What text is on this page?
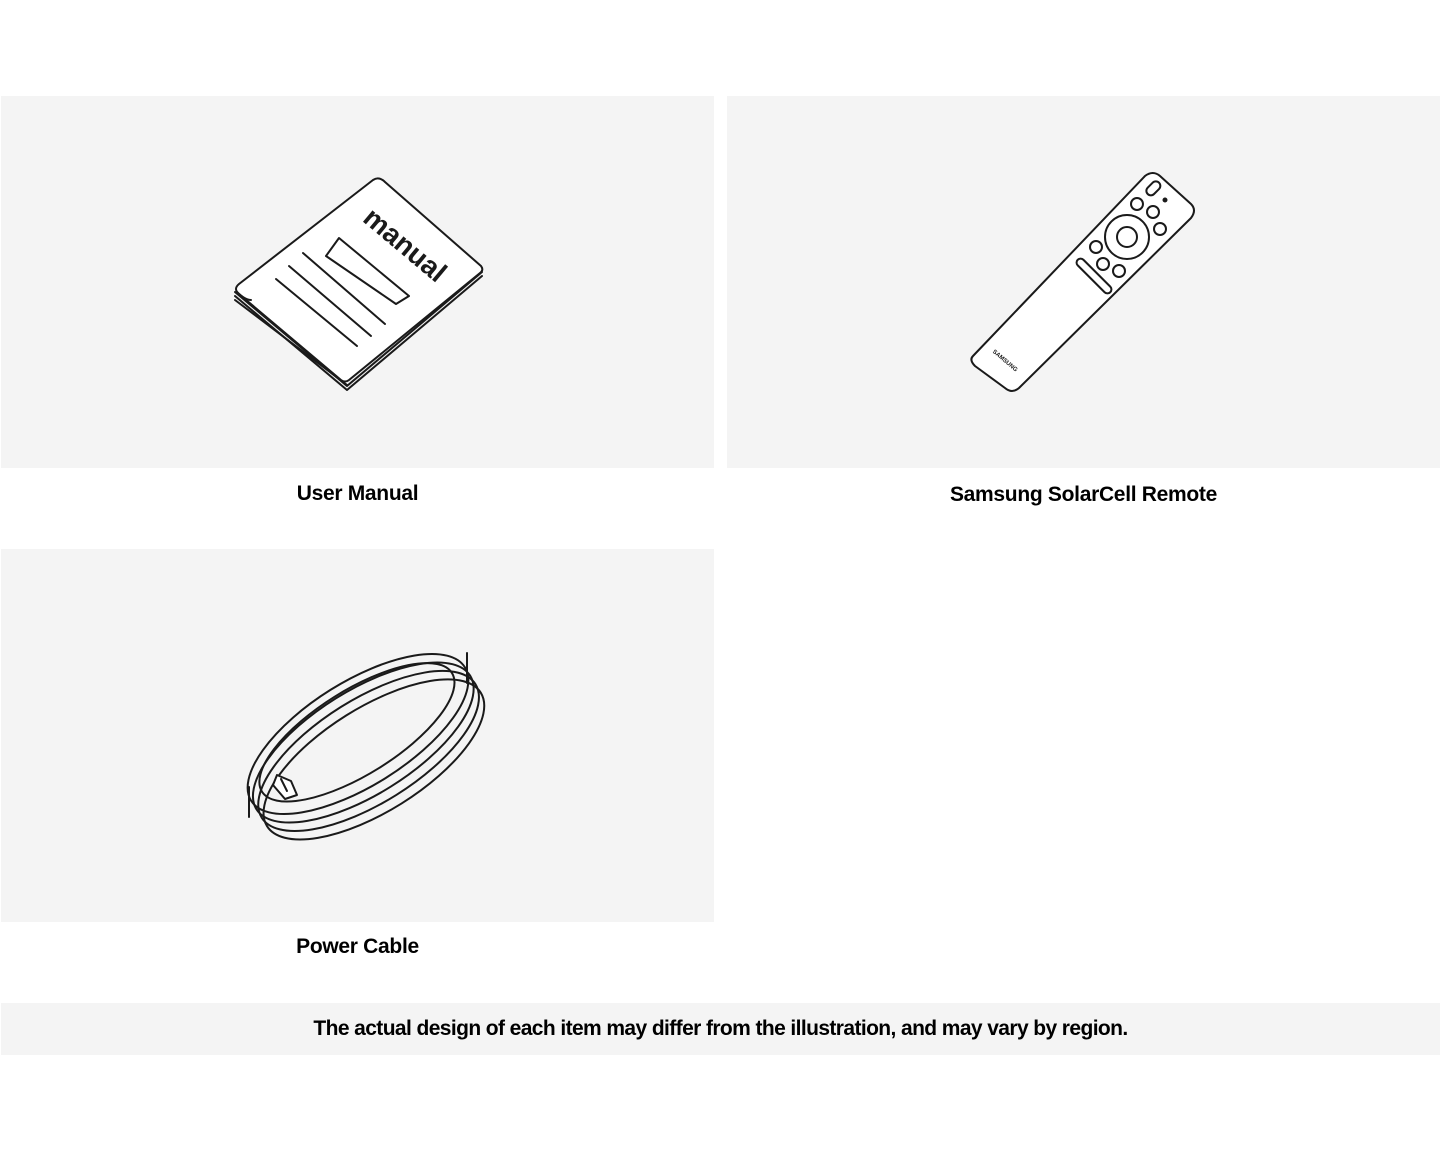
manual
User Manual
SAMSUNG
Samsung SolarCell Remote
Power Cable
The actual design of each item may differ from the illustration, and may vary by region.
